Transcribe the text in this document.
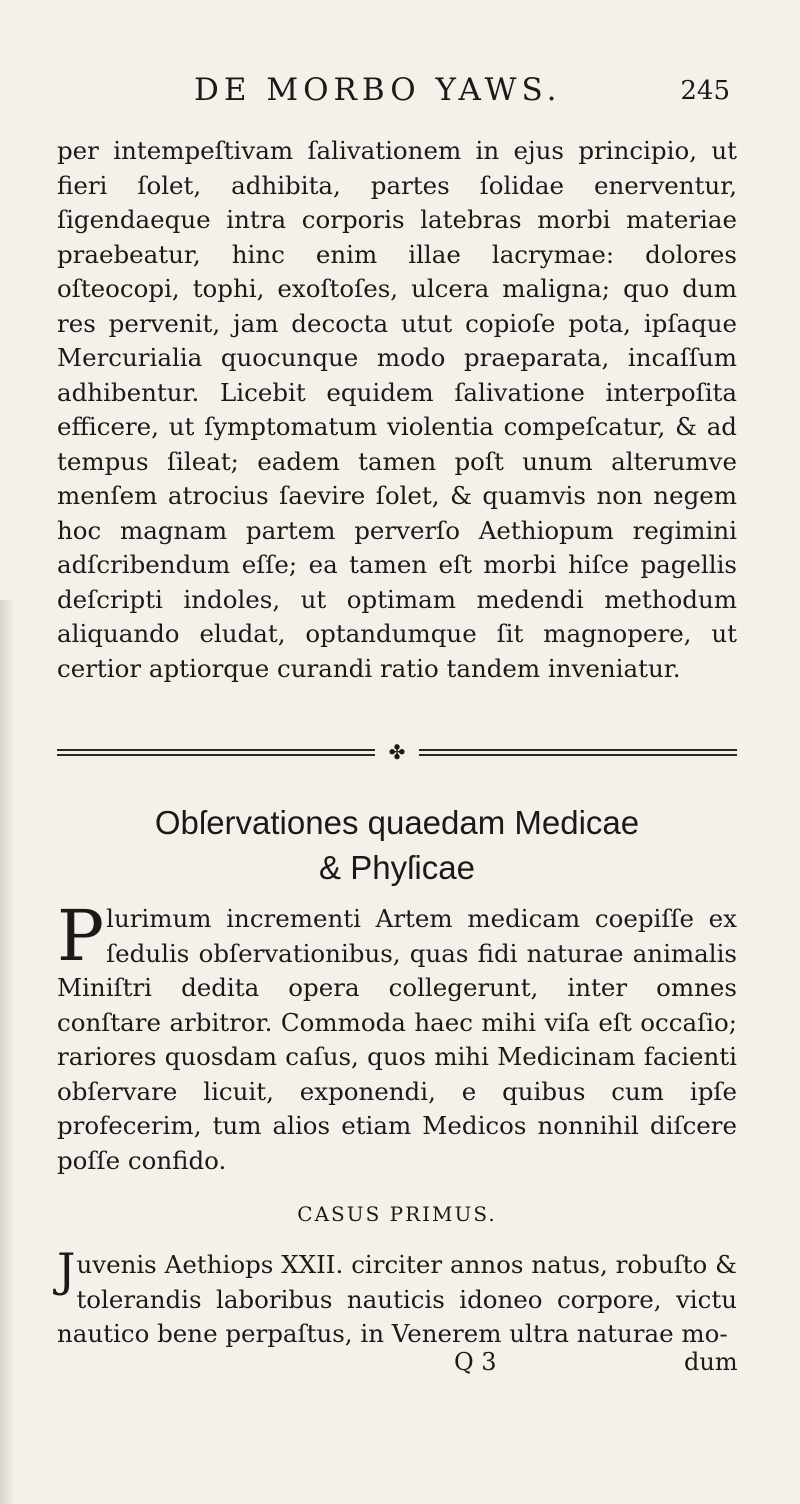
DE MORBO YAWS.	245

per intempeſtivam ſalivationem in ejus principio, ut fieri ſolet, adhibita, partes ſolidae enerventur, ſigendaeque intra corporis latebras morbi materiae praebeatur, hinc enim illae lacrymae: dolores oſteocopi, tophi, exoſtoſes, ulcera maligna; quo dum res pervenit, jam decocta utut copioſe pota, ipſaque Mercurialia quocunque modo praeparata, incaſſum adhibentur. Licebit equidem ſalivatione interpoſita efficere, ut ſymptomatum violentia compeſcatur, & ad tempus ſileat; eadem tamen poſt unum alterumve menſem atrocius ſaevire ſolet, & quamvis non negem hoc magnam partem perverſo Aethiopum regimini adſcribendum eſſe; ea tamen eſt morbi hiſce pagellis deſcripti indoles, ut optimam medendi methodum aliquando eludat, optandumque ſit magnopere, ut certior aptiorque curandi ratio tandem inveniatur.

✤
Obſervationes quaedam Medicae
& Phyſicae

P lurimum incrementi Artem medicam coepiſſe ex ſedulis obſervationibus, quas fidi naturae animalis Miniſtri dedita opera collegerunt, inter omnes conſtare arbitror. Commoda haec mihi viſa eſt occaſio; rariores quosdam caſus, quos mihi Medicinam facienti obſervare licuit, exponendi, e quibus cum ipſe profecerim, tum alios etiam Medicos nonnihil diſcere poſſe confido.

CASUS PRIMUS.

J uvenis Aethiops XXII. circiter annos natus, robuſto & tolerandis laboribus nauticis idoneo corpore, victu nautico bene perpaſtus, in Venerem ultra naturae mo-

Q 3	dum
